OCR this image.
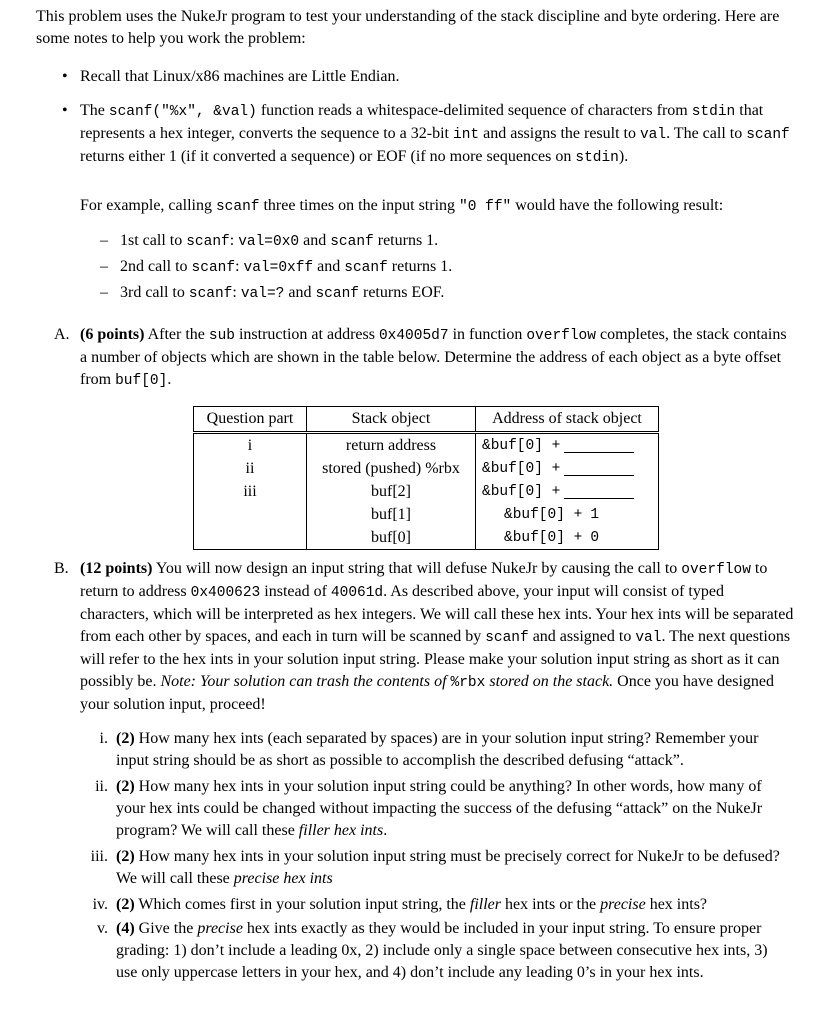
This problem uses the NukeJr program to test your understanding of the stack discipline and byte ordering. Here are some notes to help you work the problem:

• Recall that Linux/x86 machines are Little Endian.

• The scanf("%x", &val) function reads a whitespace-delimited sequence of characters from stdin that represents a hex integer, converts the sequence to a 32-bit int and assigns the result to val. The call to scanf returns either 1 (if it converted a sequence) or EOF (if no more sequences on stdin).

For example, calling scanf three times on the input string "0 ff" would have the following result:

– 1st call to scanf: val=0x0 and scanf returns 1.
– 2nd call to scanf: val=0xff and scanf returns 1.
– 3rd call to scanf: val=? and scanf returns EOF.
A. (6 points) After the sub instruction at address 0x4005d7 in function overflow completes, the stack contains a number of objects which are shown in the table below. Determine the address of each object as a byte offset from buf[0].

Question part	Stack object	Address of stack object
i	return address	&buf[0] +
ii	stored (pushed) %rbx	&buf[0] +
iii	buf[2]	&buf[0] +
	buf[1]	&buf[0] + 1
	buf[0]	&buf[0] + 0
B. (12 points) You will now design an input string that will defuse NukeJr by causing the call to overflow to return to address 0x400623 instead of 40061d. As described above, your input will consist of typed characters, which will be interpreted as hex integers. We will call these hex ints. Your hex ints will be separated from each other by spaces, and each in turn will be scanned by scanf and assigned to val. The next questions will refer to the hex ints in your solution input string. Please make your solution input string as short as it can possibly be. Note: Your solution can trash the contents of %rbx stored on the stack. Once you have designed your solution input, proceed!

i. (2) How many hex ints (each separated by spaces) are in your solution input string? Remember your input string should be as short as possible to accomplish the described defusing “attack”.

ii. (2) How many hex ints in your solution input string could be anything? In other words, how many of your hex ints could be changed without impacting the success of the defusing “attack” on the NukeJr program? We will call these filler hex ints.

iii. (2) How many hex ints in your solution input string must be precisely correct for NukeJr to be defused? We will call these precise hex ints

iv. (2) Which comes first in your solution input string, the filler hex ints or the precise hex ints?

v. (4) Give the precise hex ints exactly as they would be included in your input string. To ensure proper grading: 1) don’t include a leading 0x, 2) include only a single space between consecutive hex ints, 3) use only uppercase letters in your hex, and 4) don’t include any leading 0’s in your hex ints.
